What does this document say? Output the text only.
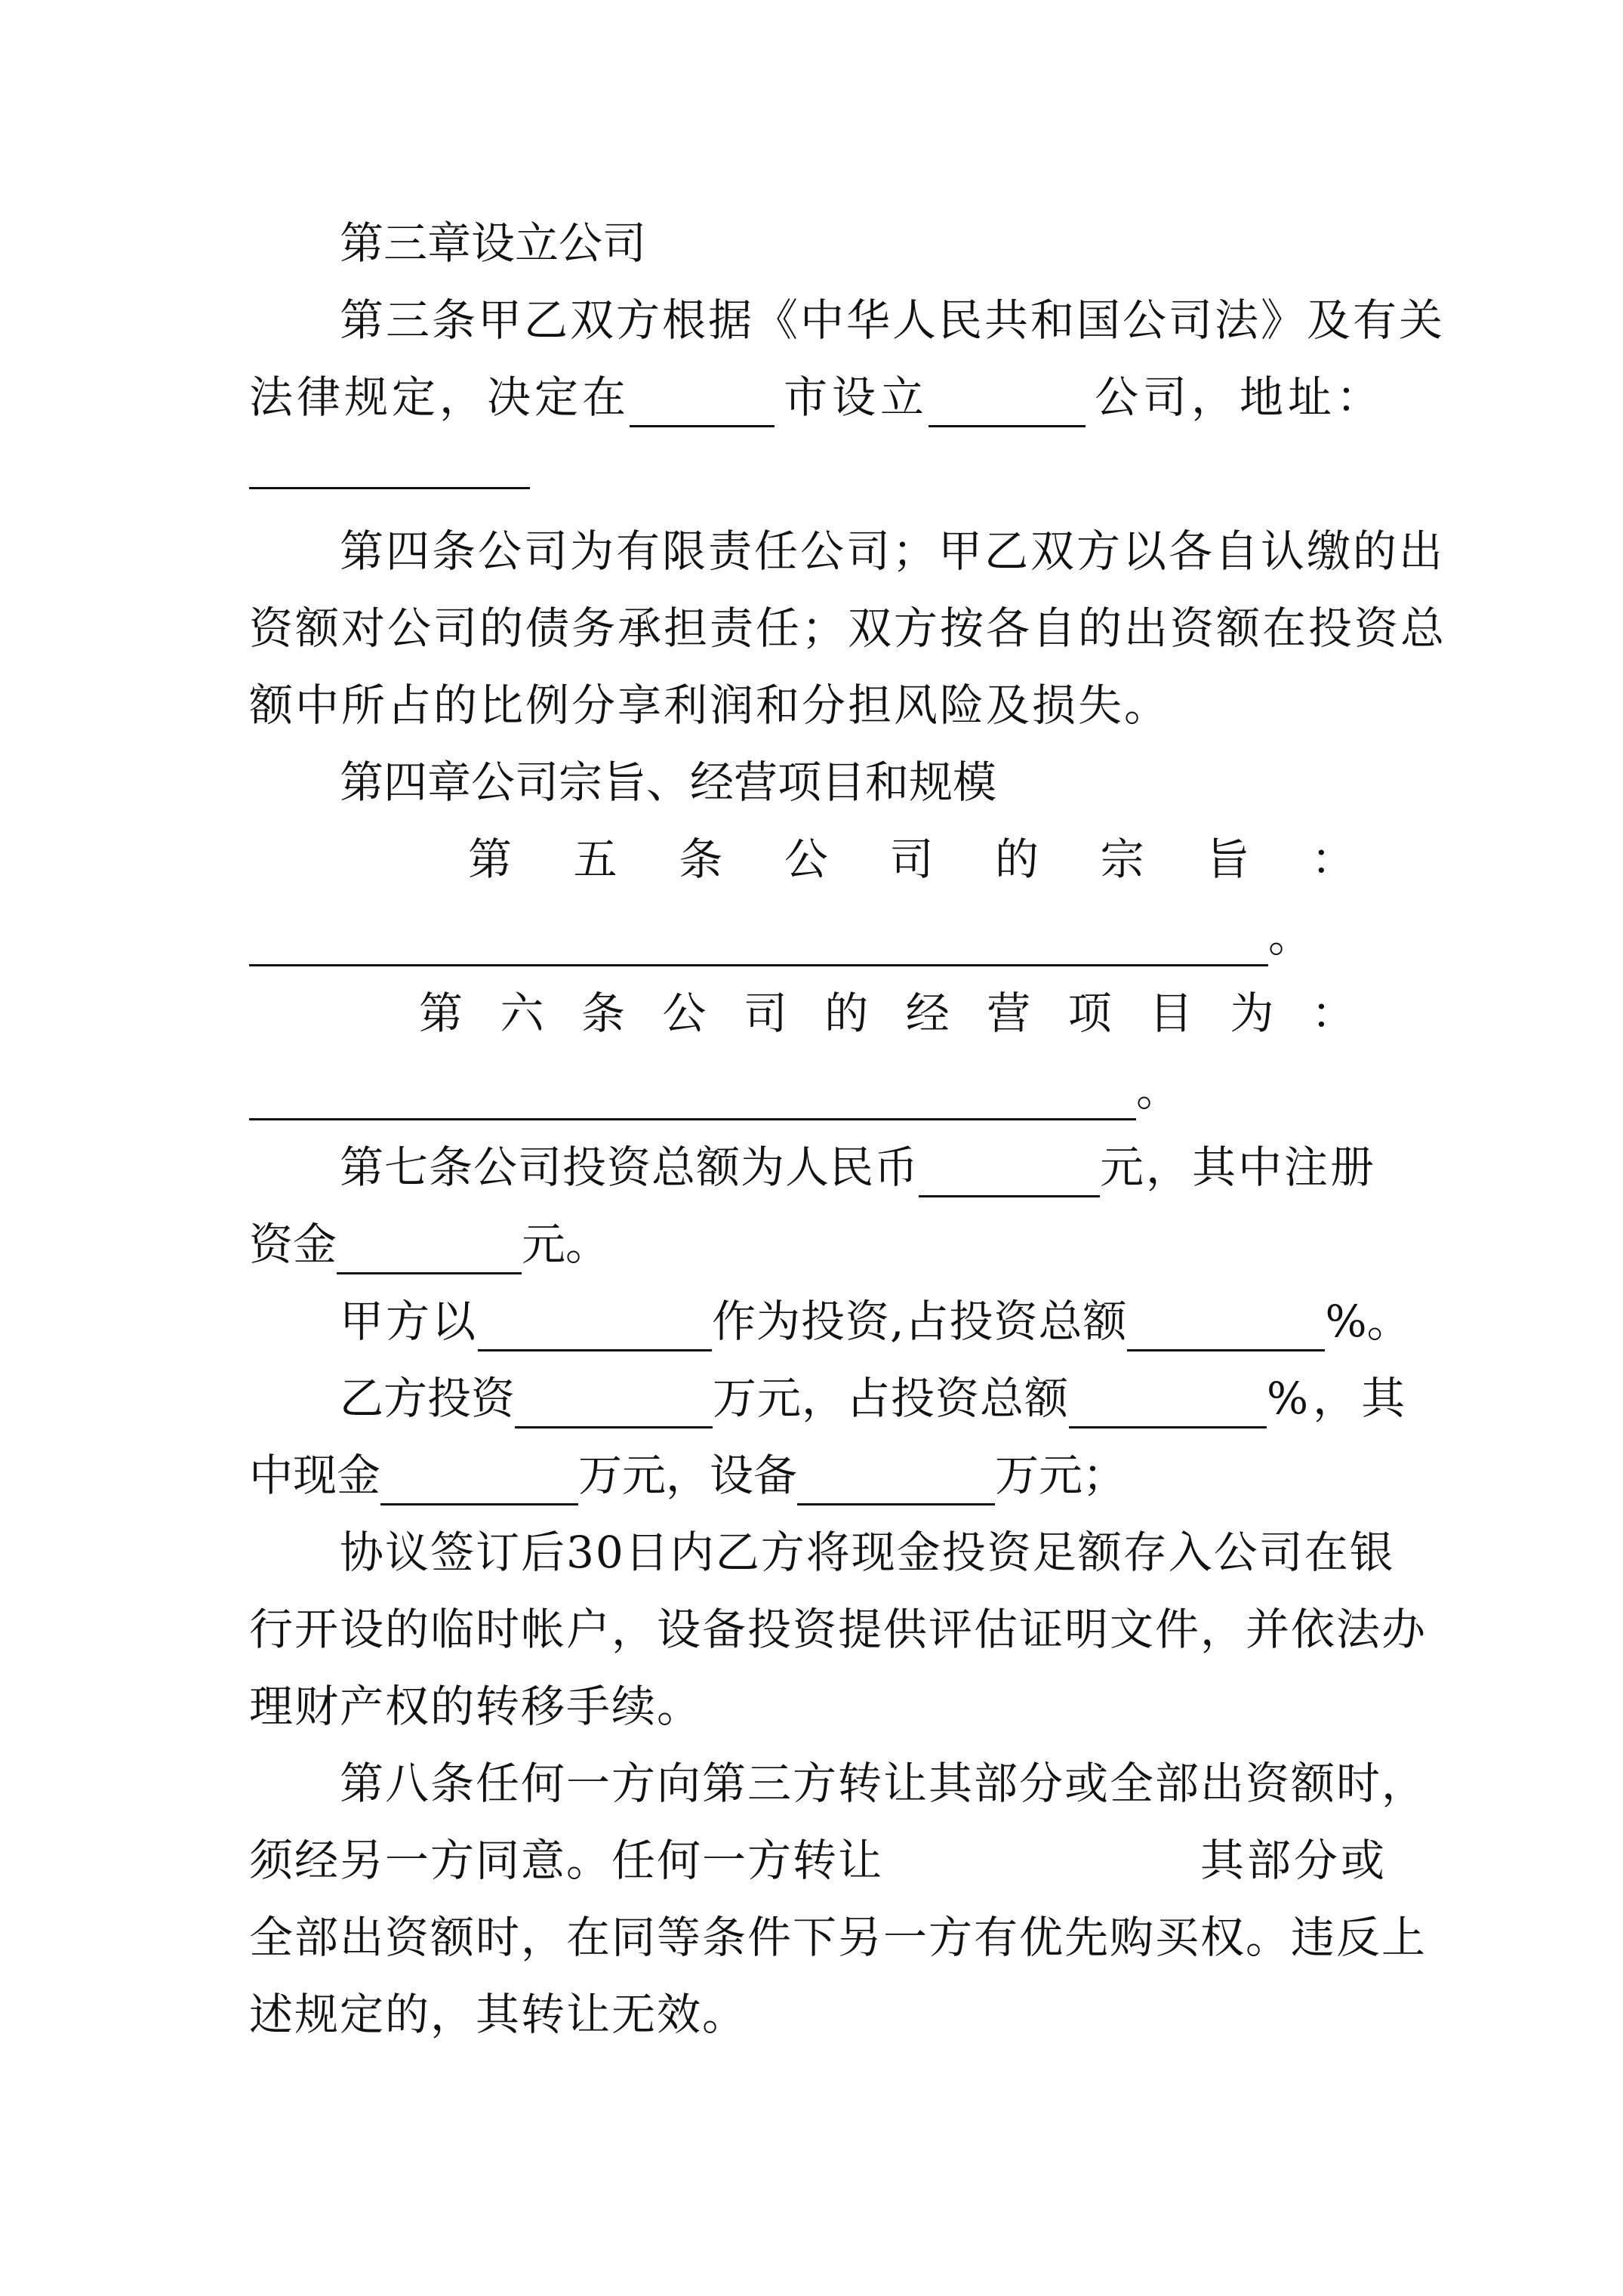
第三章设立公司

第三条甲乙双方根据《中华人民共和国公司法》及有关

法律规定，决定在	市设立	公司，地址：

第四条公司为有限责任公司；甲乙双方以各自认缴的出

资额对公司的债务承担责任；双方按各自的出资额在投资总

额中所占的比例分享利润和分担风险及损失。

第四章公司宗旨、经营项目和规模

第 五 条 公 司 的 宗 旨 ：

。

第 六 条 公 司 的 经 营 项 目 为 ：

。

第七条公司投资总额为人民币	元，其中注册

资金	元。

甲方以	作为投资,占投资总额	%。

乙方投资	万元，占投资总额	%，其

中现金	万元，设备	万元；

协议签订后30日内乙方将现金投资足额存入公司在银

行开设的临时帐户，设备投资提供评估证明文件，并依法办

理财产权的转移手续。

第八条任何一方向第三方转让其部分或全部出资额时，

须经另一方同意。任何一方转让	其部分或

全部出资额时，在同等条件下另一方有优先购买权。违反上

述规定的，其转让无效。
